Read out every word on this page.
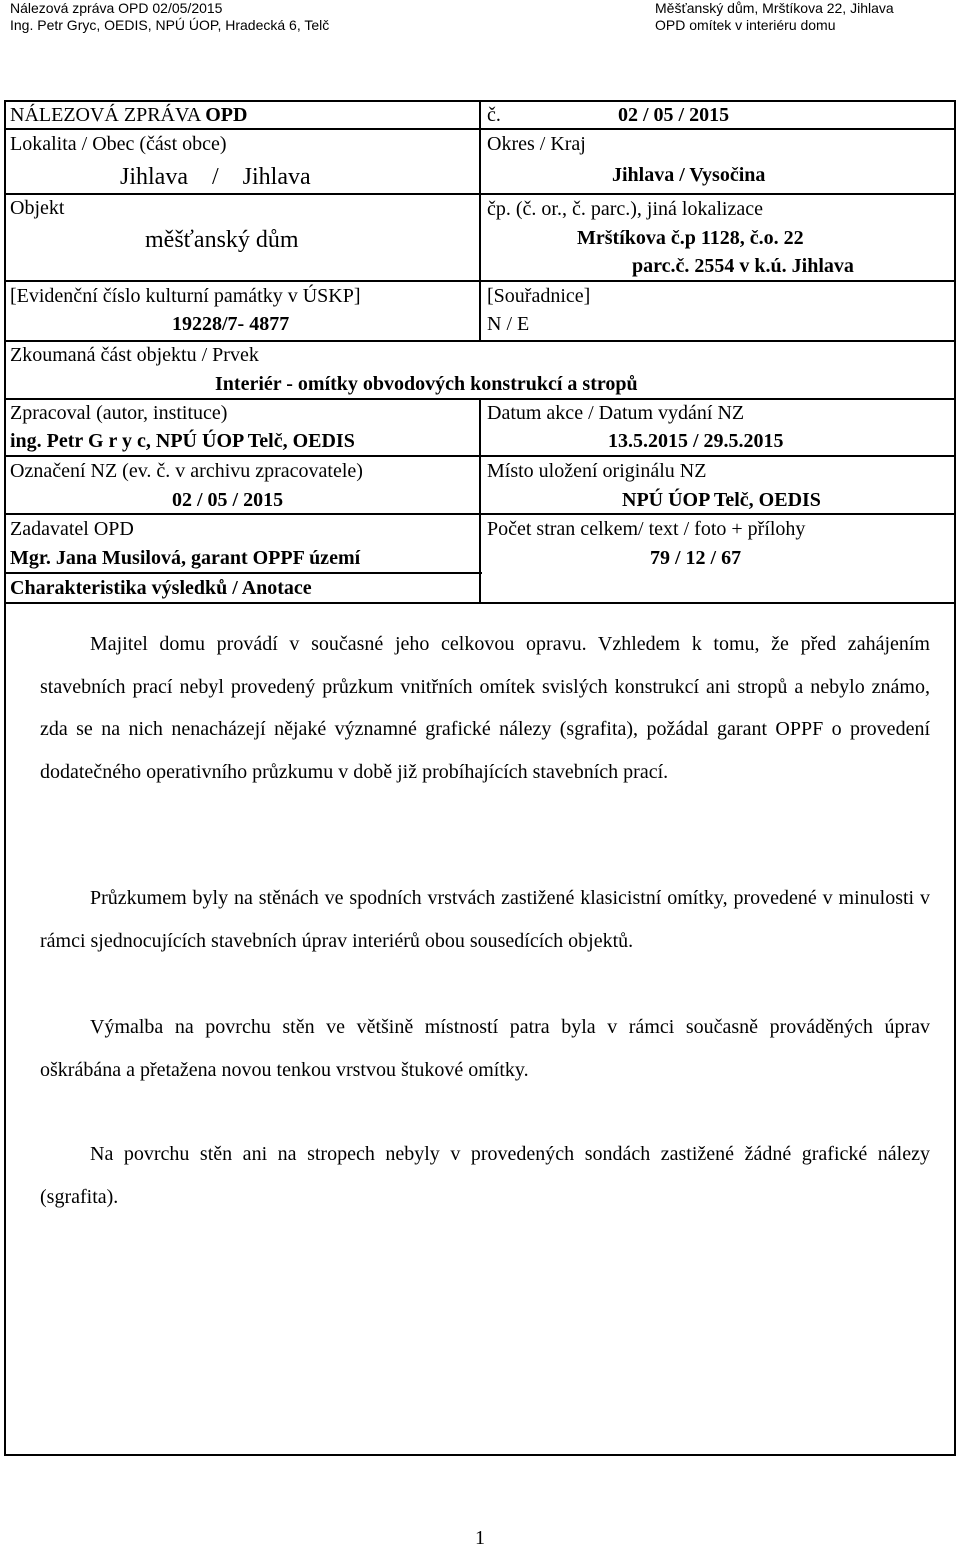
Nálezová zpráva OPD 02/05/2015
Ing. Petr Gryc, OEDIS, NPÚ ÚOP, Hradecká 6, Telč
Měšťanský dům, Mrštíkova 22, Jihlava
OPD omítek v interiéru domu
NÁLEZOVÁ ZPRÁVA OPD	č.	02 / 05 / 2015
Lokalita / Obec (část obce)
Jihlava    /    Jihlava
Okres / Kraj
Jihlava / Vysočina
Objekt
měšťanský dům
čp. (č. or., č. parc.), jiná lokalizace
Mrštíkova č.p 1128, č.o. 22
parc.č. 2554 v k.ú. Jihlava
[Evidenční číslo kulturní památky v ÚSKP]
19228/7- 4877
[Souřadnice]
N / E
Zkoumaná část objektu / Prvek
Interiér - omítky obvodových konstrukcí a stropů
Zpracoval (autor, instituce)
ing. Petr G r y c, NPÚ ÚOP Telč, OEDIS
Datum akce / Datum vydání NZ
13.5.2015 / 29.5.2015
Označení NZ (ev. č. v archivu zpracovatele)
02 / 05 / 2015
Místo uložení originálu NZ
NPÚ ÚOP Telč, OEDIS
Zadavatel OPD
Mgr. Jana Musilová, garant OPPF území
Počet stran celkem/ text / foto + přílohy
79 / 12 / 67
Charakteristika výsledků / Anotace
Majitel domu provádí v současné jeho celkovou opravu. Vzhledem k tomu, že před zahájením stavebních prací nebyl provedený průzkum vnitřních omítek svislých konstrukcí ani stropů a nebylo známo, zda se na nich nenacházejí nějaké významné grafické nálezy (sgrafita), požádal garant OPPF o provedení dodatečného operativního průzkumu v době již probíhajících stavebních prací.
Průzkumem byly na stěnách ve spodních vrstvách zastižené klasicistní omítky, provedené v minulosti v rámci sjednocujících stavebních úprav interiérů obou sousedících objektů.
Výmalba na povrchu stěn ve většině místností patra byla v rámci současně prováděných úprav oškrábána a přetažena novou tenkou vrstvou štukové omítky.
Na povrchu stěn ani na stropech nebyly v provedených sondách zastižené žádné grafické nálezy (sgrafita).
1
